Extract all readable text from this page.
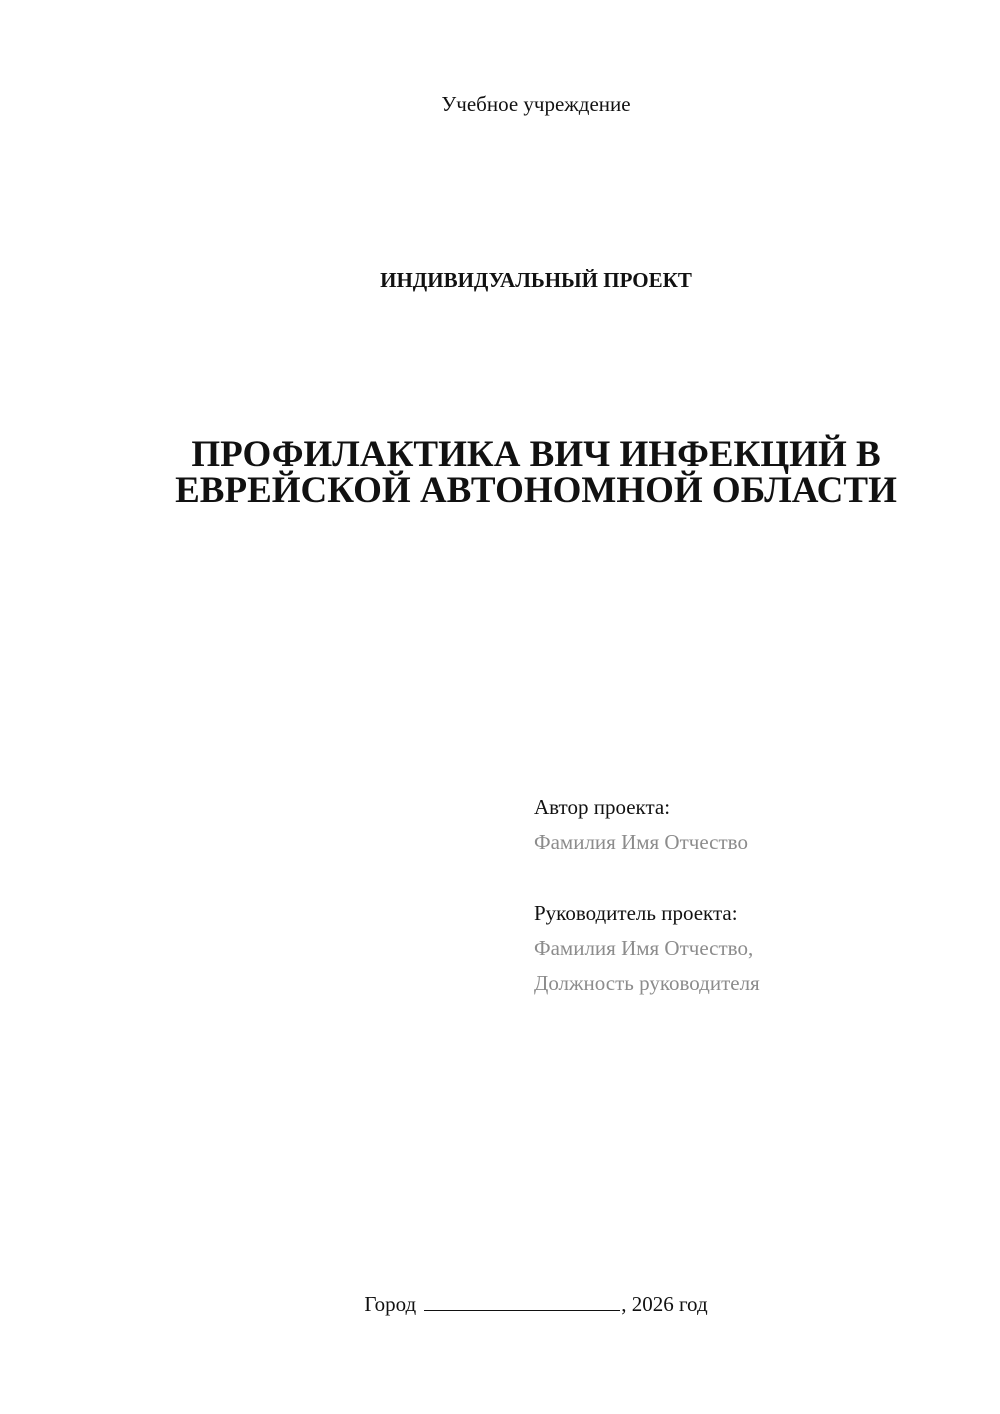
Учебное учреждение
ИНДИВИДУАЛЬНЫЙ ПРОЕКТ
ПРОФИЛАКТИКА ВИЧ ИНФЕКЦИЙ В
ЕВРЕЙСКОЙ АВТОНОМНОЙ ОБЛАСТИ
Автор проекта:
Фамилия Имя Отчество
Руководитель проекта:
Фамилия Имя Отчество,
Должность руководителя
Город	, 2026 год
